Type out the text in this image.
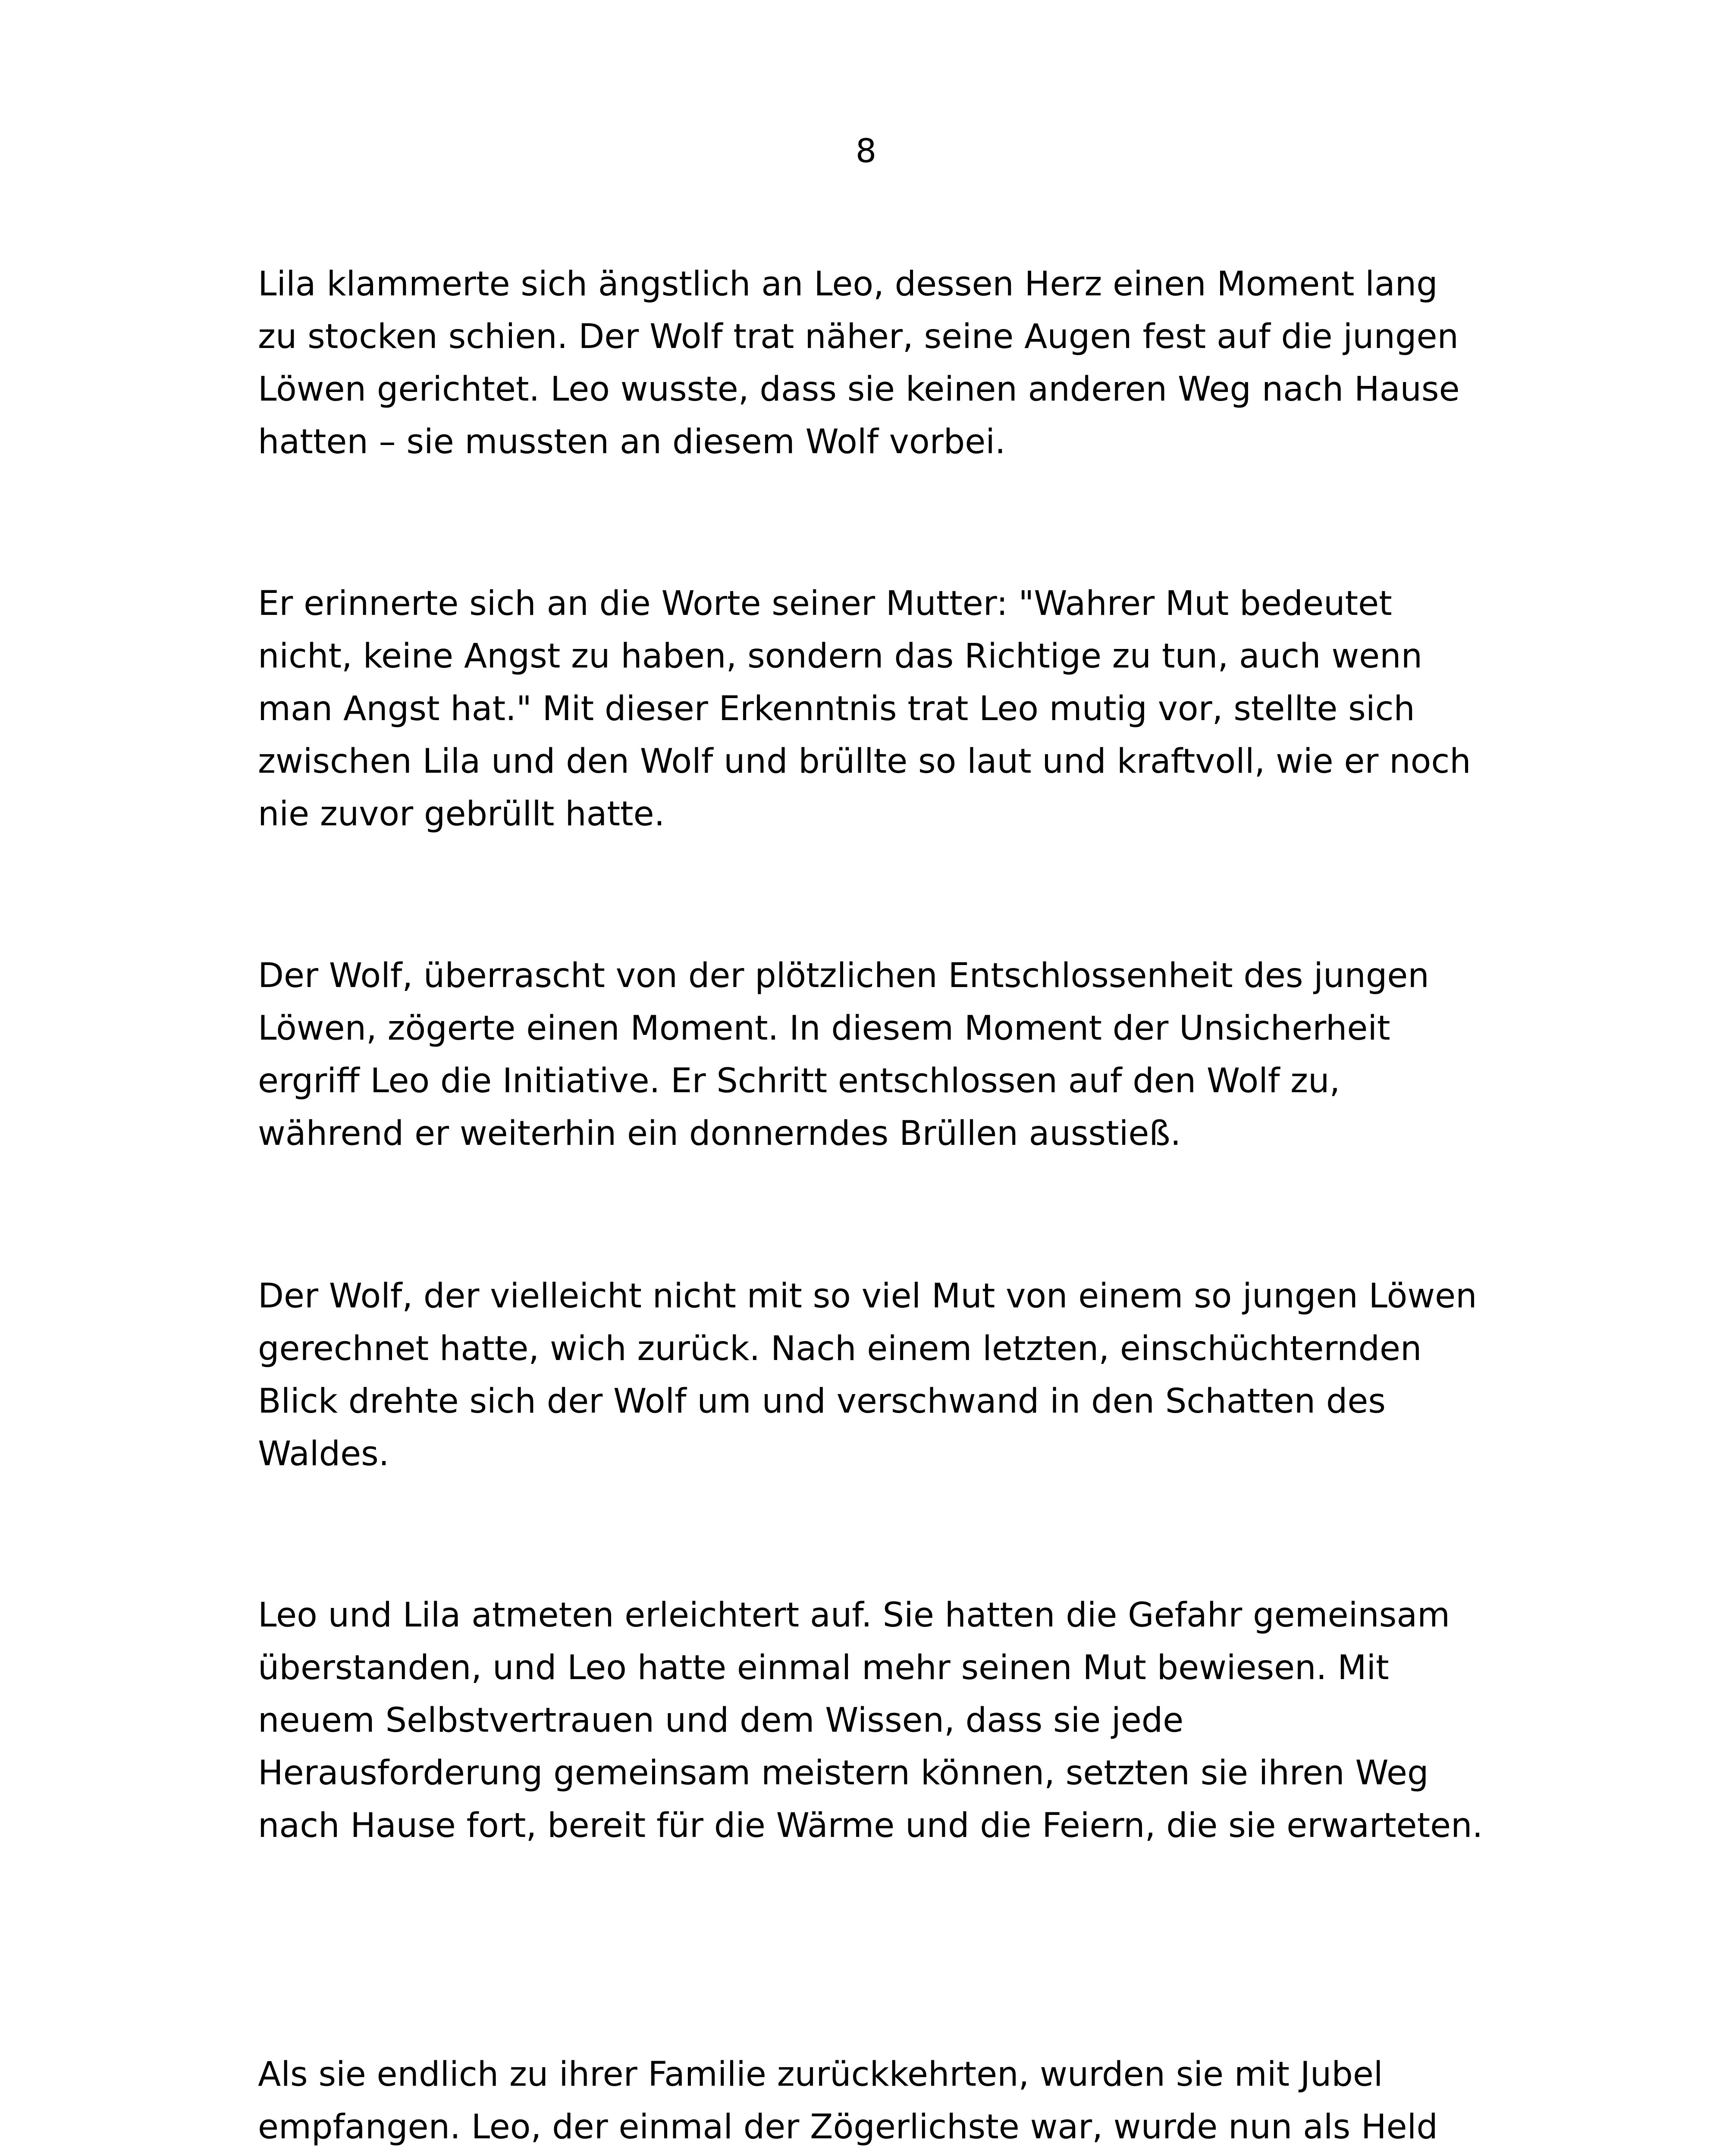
8

Lila klammerte sich ängstlich an Leo, dessen Herz einen Moment lang
zu stocken schien. Der Wolf trat näher, seine Augen fest auf die jungen
Löwen gerichtet. Leo wusste, dass sie keinen anderen Weg nach Hause
hatten – sie mussten an diesem Wolf vorbei.

Er erinnerte sich an die Worte seiner Mutter: "Wahrer Mut bedeutet
nicht, keine Angst zu haben, sondern das Richtige zu tun, auch wenn
man Angst hat." Mit dieser Erkenntnis trat Leo mutig vor, stellte sich
zwischen Lila und den Wolf und brüllte so laut und kraftvoll, wie er noch
nie zuvor gebrüllt hatte.

Der Wolf, überrascht von der plötzlichen Entschlossenheit des jungen
Löwen, zögerte einen Moment. In diesem Moment der Unsicherheit
ergriff Leo die Initiative. Er Schritt entschlossen auf den Wolf zu,
während er weiterhin ein donnerndes Brüllen ausstieß.

Der Wolf, der vielleicht nicht mit so viel Mut von einem so jungen Löwen
gerechnet hatte, wich zurück. Nach einem letzten, einschüchternden
Blick drehte sich der Wolf um und verschwand in den Schatten des
Waldes.

Leo und Lila atmeten erleichtert auf. Sie hatten die Gefahr gemeinsam
überstanden, und Leo hatte einmal mehr seinen Mut bewiesen. Mit
neuem Selbstvertrauen und dem Wissen, dass sie jede
Herausforderung gemeinsam meistern können, setzten sie ihren Weg
nach Hause fort, bereit für die Wärme und die Feiern, die sie erwarteten.

Als sie endlich zu ihrer Familie zurückkehrten, wurden sie mit Jubel
empfangen. Leo, der einmal der Zögerlichste war, wurde nun als Held
